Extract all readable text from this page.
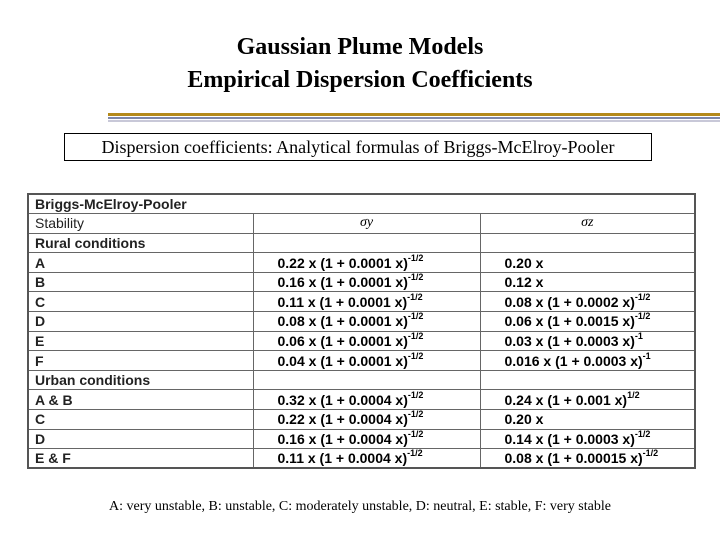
Gaussian Plume Models
Empirical Dispersion Coefficients
Dispersion coefficients: Analytical formulas of Briggs-McElroy-Pooler
Briggs-McElroy-Pooler		
Stability	σy	σz
Rural conditions		
A	0.22 x (1 + 0.0001 x)$^{-1/2}$	0.20 x
B	0.16 x (1 + 0.0001 x)$^{-1/2}$	0.12 x
C	0.11 x (1 + 0.0001 x)$^{-1/2}$	0.08 x (1 + 0.0002 x)$^{-1/2}$
D	0.08 x (1 + 0.0001 x)$^{-1/2}$	0.06 x (1 + 0.0015 x)$^{-1/2}$
E	0.06 x (1 + 0.0001 x)$^{-1/2}$	0.03 x (1 + 0.0003 x)$^{-1}$
F	0.04 x (1 + 0.0001 x)$^{-1/2}$	0.016 x (1 + 0.0003 x)$^{-1}$
Urban conditions		
A & B	0.32 x (1 + 0.0004 x)$^{-1/2}$	0.24 x (1 + 0.001 x)$^{1/2}$
C	0.22 x (1 + 0.0004 x)$^{-1/2}$	0.20 x
D	0.16 x (1 + 0.0004 x)$^{-1/2}$	0.14 x (1 + 0.0003 x)$^{-1/2}$
E & F	0.11 x (1 + 0.0004 x)$^{-1/2}$	0.08 x (1 + 0.00015 x)$^{-1/2}$
A: very unstable, B: unstable, C: moderately unstable, D: neutral, E: stable, F: very stable
